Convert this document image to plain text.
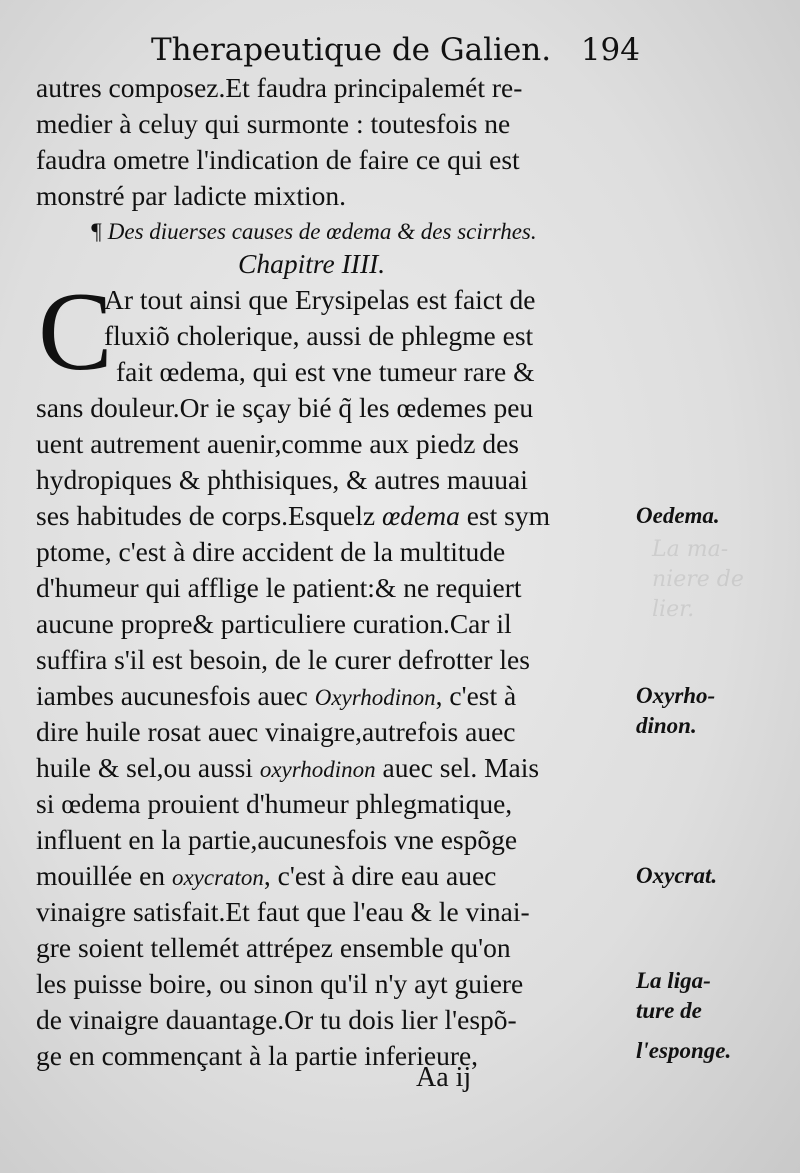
La ma-
niere de
lier.
Therapeutique de Galien. 194
autres composez.Et faudra principalemét re-
medier à celuy qui surmonte : toutesfois ne
faudra ometre l'indication de faire ce qui est
monstré par ladicte mixtion.
¶ Des diuerses causes de œdema & des scirrhes.
Chapitre IIII.
C
Ar tout ainsi que Erysipelas est faict de
fluxiõ cholerique, aussi de phlegme est
fait œdema, qui est vne tumeur rare &
sans douleur.Or ie sçay bié q̃ les œdemes peu
uent autrement auenir,comme aux piedz des
hydropiques & phthisiques, & autres mauuai
ses habitudes de corps.Esquelz œdema est sym
ptome, c'est à dire accident de la multitude
d'humeur qui afflige le patient:& ne requiert
aucune propre& particuliere curation.Car il
suffira s'il est besoin, de le curer defrotter les
iambes aucunesfois auec Oxyrhodinon, c'est à
dire huile rosat auec vinaigre,autrefois auec
huile & sel,ou aussi oxyrhodinon auec sel. Mais
si œdema prouient d'humeur phlegmatique,
influent en la partie,aucunesfois vne espõge
mouillée en oxycraton, c'est à dire eau auec
vinaigre satisfait.Et faut que l'eau & le vinai-
gre soient tellemét attrépez ensemble qu'on
les puisse boire, ou sinon qu'il n'y ayt guiere
de vinaigre dauantage.Or tu dois lier l'espõ-
ge en commençant à la partie inferieure,
Oedema.
Oxyrho-
dinon.
Oxycrat.
La liga-
ture de
l'esponge.
Aa ij
